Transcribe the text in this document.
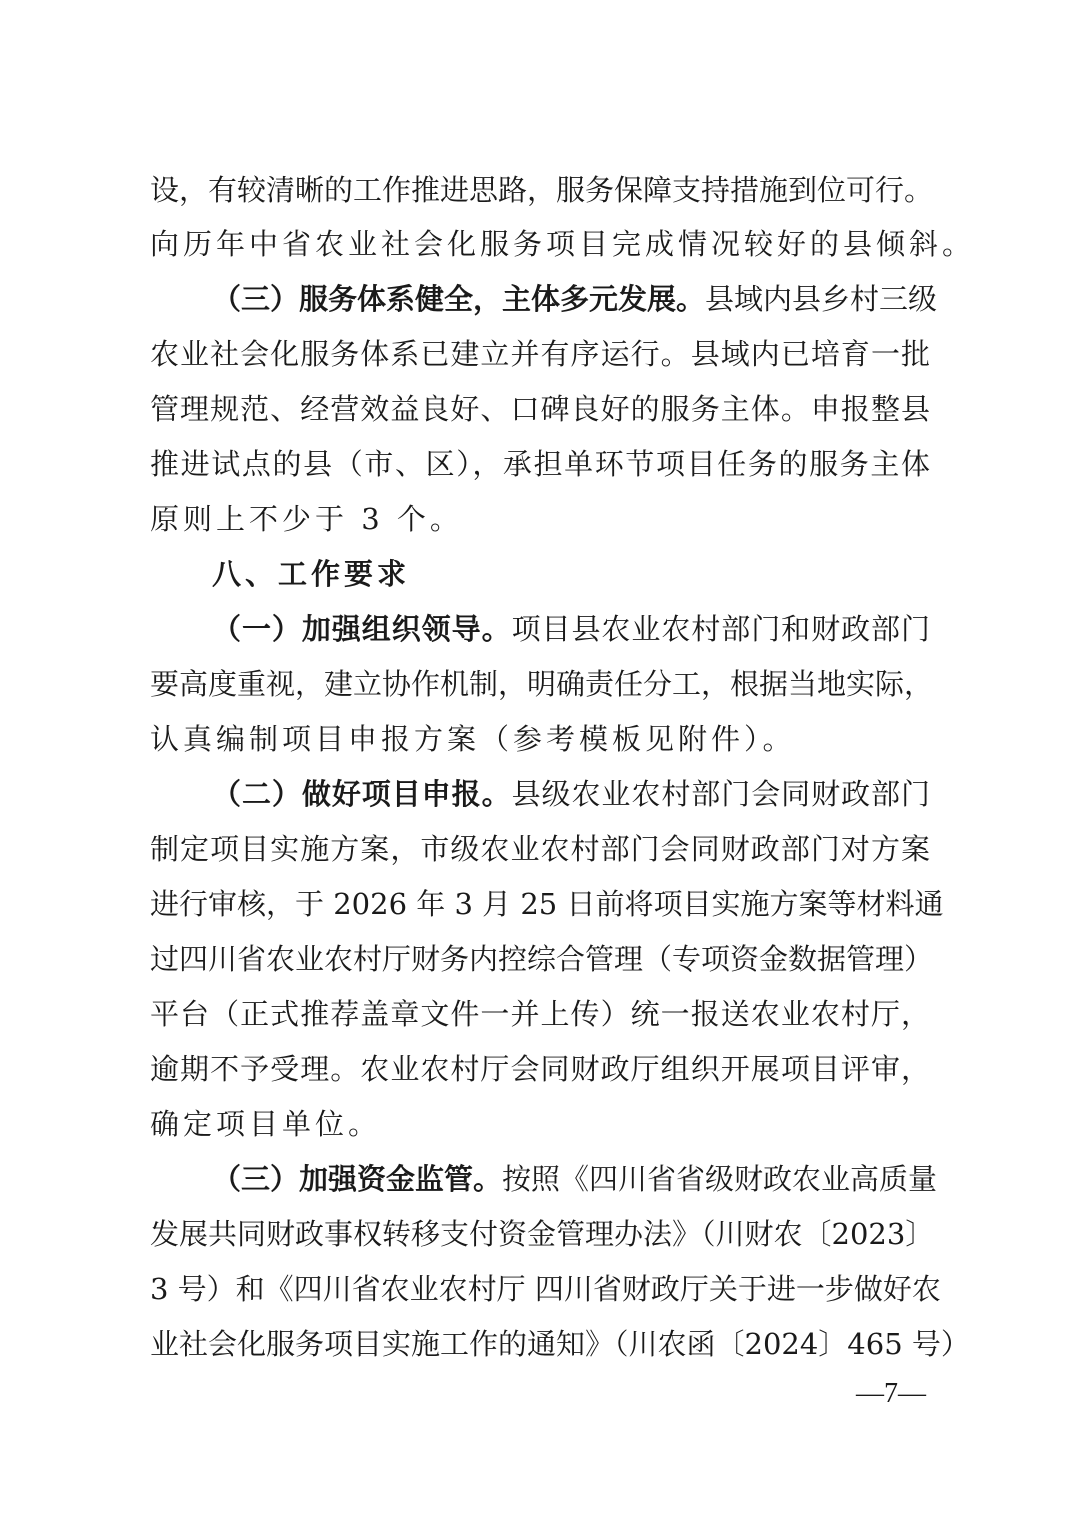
设，有较清晰的工作推进思路，服务保障支持措施到位可行。
向历年中省农业社会化服务项目完成情况较好的县倾斜。
（三）服务体系健全，主体多元发展。县域内县乡村三级
农业社会化服务体系已建立并有序运行。县域内已培育一批
管理规范、经营效益良好、口碑良好的服务主体。申报整县
推进试点的县（市、区），承担单环节项目任务的服务主体
原则上不少于 3 个。
八、工作要求
（一）加强组织领导。项目县农业农村部门和财政部门
要高度重视，建立协作机制，明确责任分工，根据当地实际，
认真编制项目申报方案（参考模板见附件）。
（二）做好项目申报。县级农业农村部门会同财政部门
制定项目实施方案，市级农业农村部门会同财政部门对方案
进行审核，于 2026 年 3 月 25 日前将项目实施方案等材料通
过四川省农业农村厅财务内控综合管理（专项资金数据管理）
平台（正式推荐盖章文件一并上传）统一报送农业农村厅，
逾期不予受理。农业农村厅会同财政厅组织开展项目评审，
确定项目单位。
（三）加强资金监管。按照《四川省省级财政农业高质量
发展共同财政事权转移支付资金管理办法》（川财农〔2023〕
3 号）和《四川省农业农村厅 四川省财政厅关于进一步做好农
业社会化服务项目实施工作的通知》（川农函〔2024〕465 号）
—7—
